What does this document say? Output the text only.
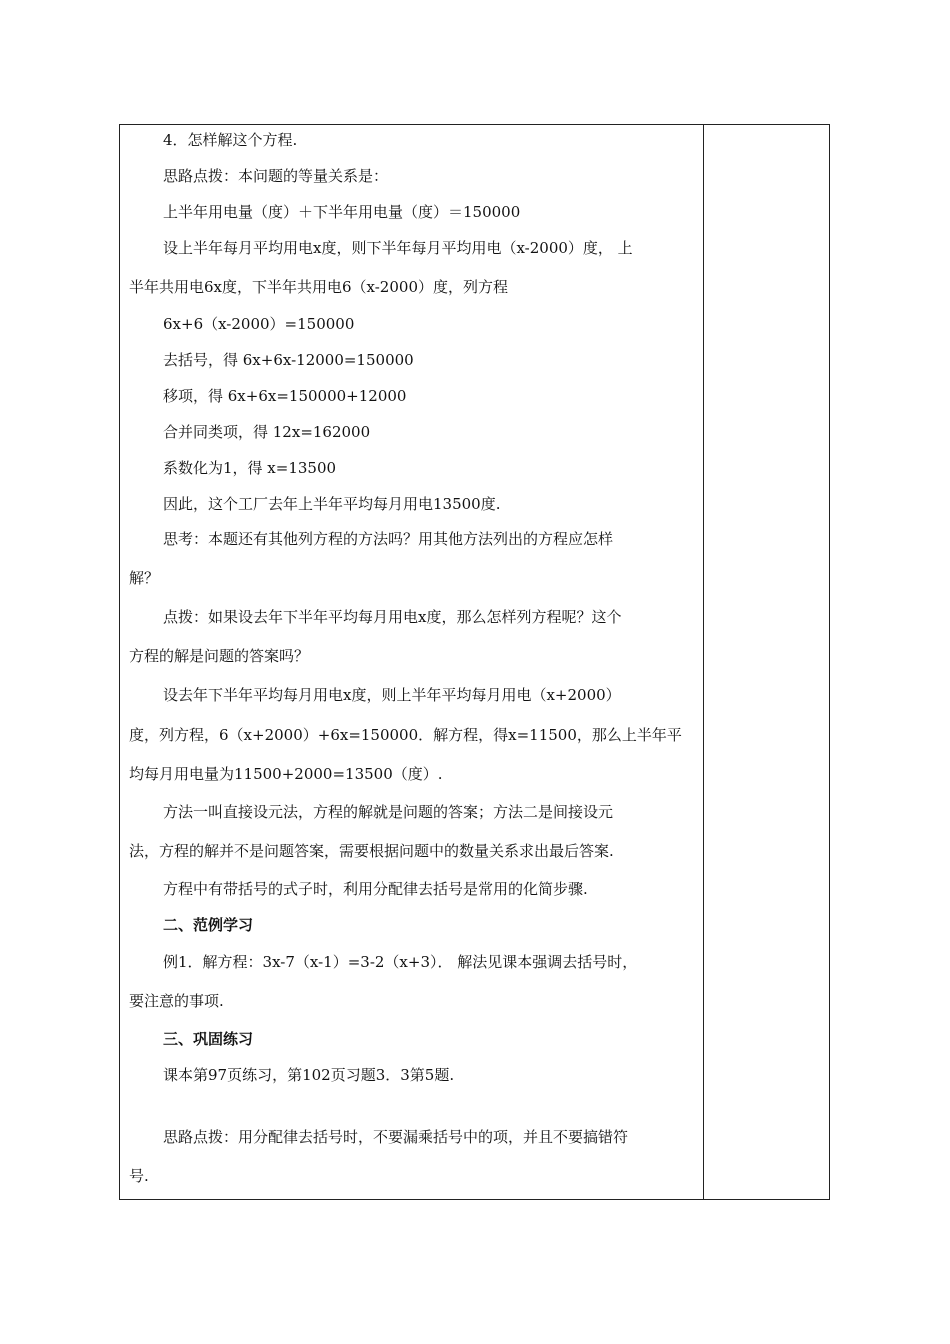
4．怎样解这个方程.
思路点拨：本问题的等量关系是：
上半年用电量（度）＋下半年用电量（度）＝150000
设上半年每月平均用电x度，则下半年每月平均用电（x-2000）度， 上
半年共用电6x度，下半年共用电6（x-2000）度，列方程
6x+6（x-2000）=150000
去括号，得 6x+6x-12000=150000
移项，得 6x+6x=150000+12000
合并同类项，得 12x=162000
系数化为1，得 x=13500
因此，这个工厂去年上半年平均每月用电13500度.
思考：本题还有其他列方程的方法吗？用其他方法列出的方程应怎样
解？
点拨：如果设去年下半年平均每月用电x度，那么怎样列方程呢？这个
方程的解是问题的答案吗？
设去年下半年平均每月用电x度，则上半年平均每月用电（x+2000）
度，列方程，6（x+2000）+6x=150000．解方程，得x=11500，那么上半年平
均每月用电量为11500+2000=13500（度）.
方法一叫直接设元法，方程的解就是问题的答案；方法二是间接设元
法，方程的解并不是问题答案，需要根据问题中的数量关系求出最后答案.
方程中有带括号的式子时，利用分配律去括号是常用的化简步骤.
二、范例学习
例1．解方程：3x-7（x-1）=3-2（x+3）． 解法见课本强调去括号时，
要注意的事项.
三、巩固练习
课本第97页练习，第102页习题3．3第5题.
思路点拨：用分配律去括号时，不要漏乘括号中的项，并且不要搞错符
号.
